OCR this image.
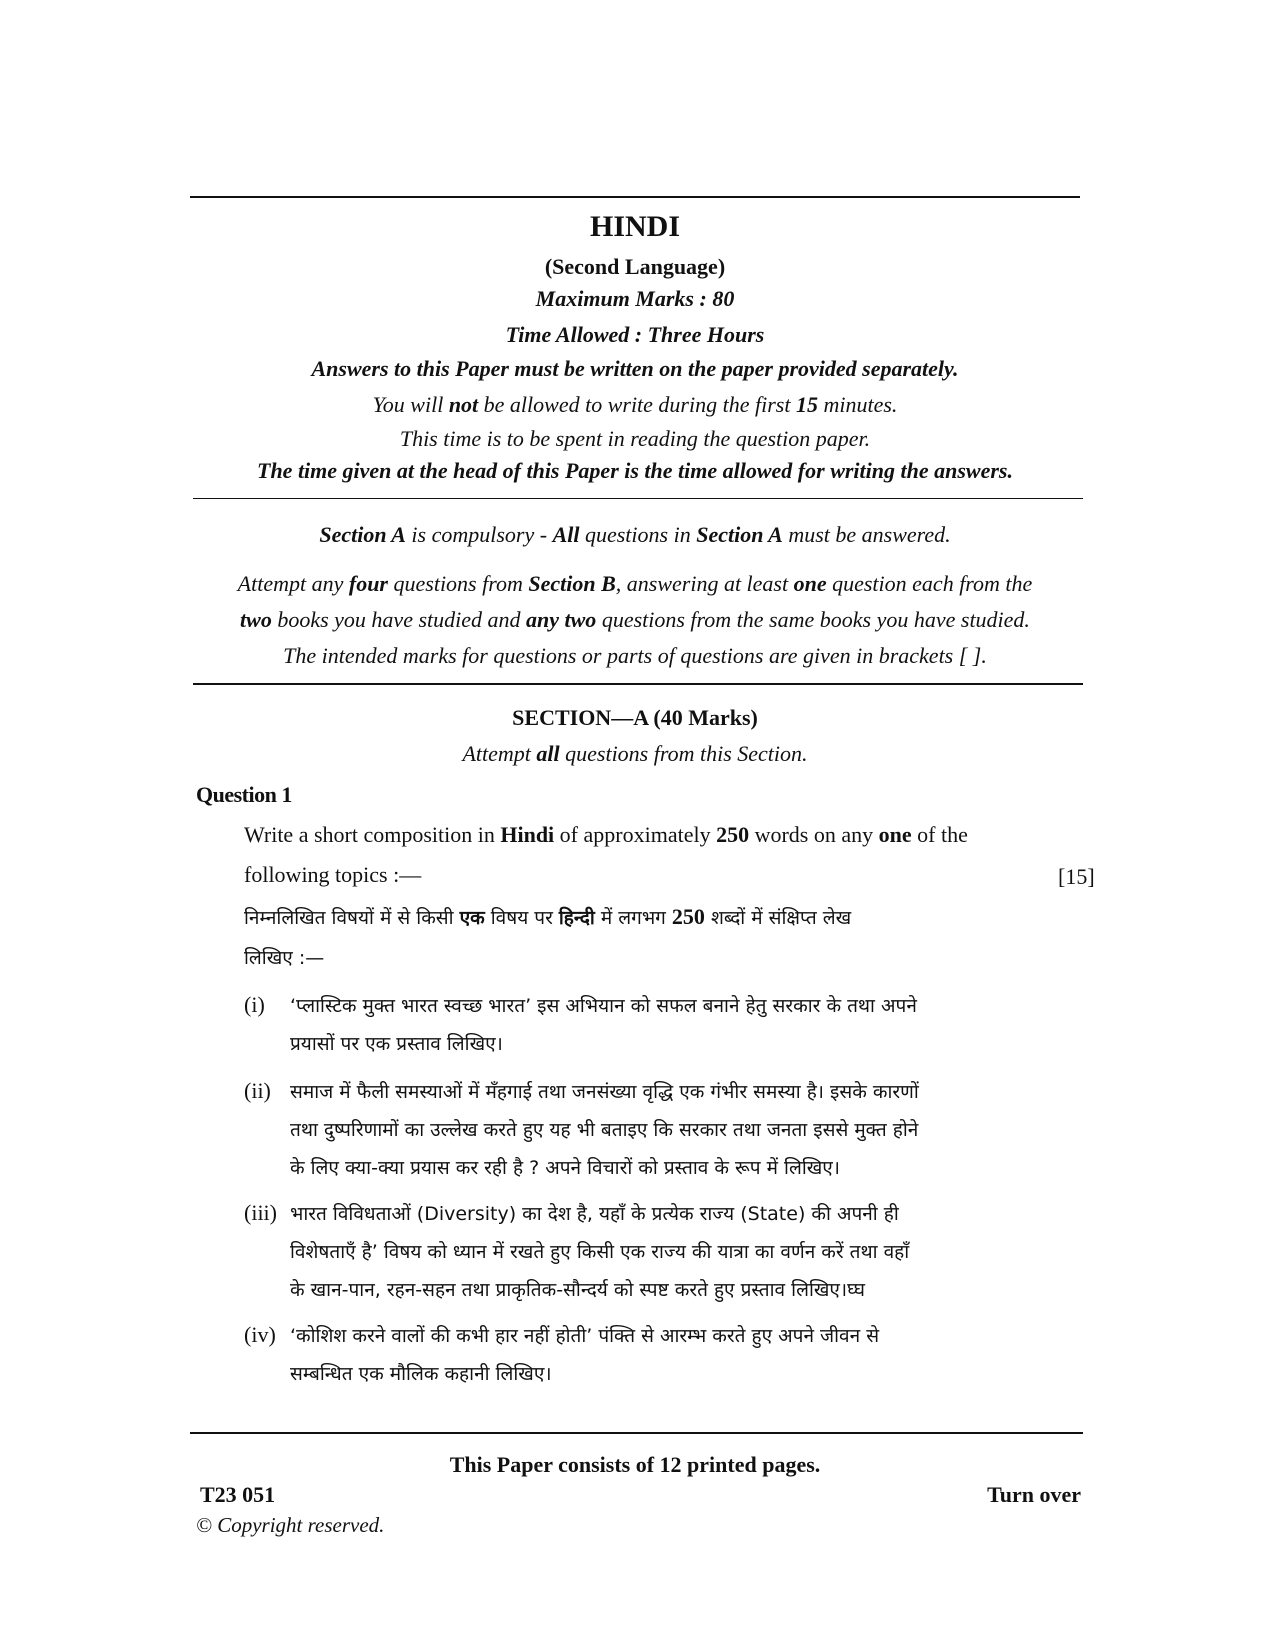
HINDI
(Second Language)
Maximum Marks : 80
Time Allowed : Three Hours
Answers to this Paper must be written on the paper provided separately.
You will not be allowed to write during the first 15 minutes.
This time is to be spent in reading the question paper.
The time given at the head of this Paper is the time allowed for writing the answers.
Section A is compulsory - All questions in Section A must be answered.
Attempt any four questions from Section B, answering at least one question each from the
two books you have studied and any two questions from the same books you have studied.
The intended marks for questions or parts of questions are given in brackets [ ].
SECTION—A (40 Marks)
Attempt all questions from this Section.
Question 1
Write a short composition in Hindi of approximately 250 words on any one of the
following topics :—	[15]
निम्नलिखित विषयों में से किसी एक विषय पर हिन्दी में लगभग 250 शब्दों में संक्षिप्त लेख
लिखिए :—
(i) ‘प्लास्टिक मुक्त भारत स्वच्छ भारत’ इस अभियान को सफल बनाने हेतु सरकार के तथा अपने
प्रयासों पर एक प्रस्ताव लिखिए।
(ii) समाज में फैली समस्याओं में मँहगाई तथा जनसंख्या वृद्धि एक गंभीर समस्या है। इसके कारणों
तथा दुष्परिणामों का उल्लेख करते हुए यह भी बताइए कि सरकार तथा जनता इससे मुक्त होने
के लिए क्या-क्या प्रयास कर रही है ? अपने विचारों को प्रस्ताव के रूप में लिखिए।
(iii) भारत विविधताओं (Diversity) का देश है, यहाँ के प्रत्येक राज्य (State) की अपनी ही
विशेषताएँ है’ विषय को ध्यान में रखते हुए किसी एक राज्य की यात्रा का वर्णन करें तथा वहाँ
के खान-पान, रहन-सहन तथा प्राकृतिक-सौन्दर्य को स्पष्ट करते हुए प्रस्ताव लिखिए।घ्घ
(iv) ‘कोशिश करने वालों की कभी हार नहीं होती’ पंक्ति से आरम्भ करते हुए अपने जीवन से
सम्बन्धित एक मौलिक कहानी लिखिए।
This Paper consists of 12 printed pages.
T23 051	Turn over
© Copyright reserved.
